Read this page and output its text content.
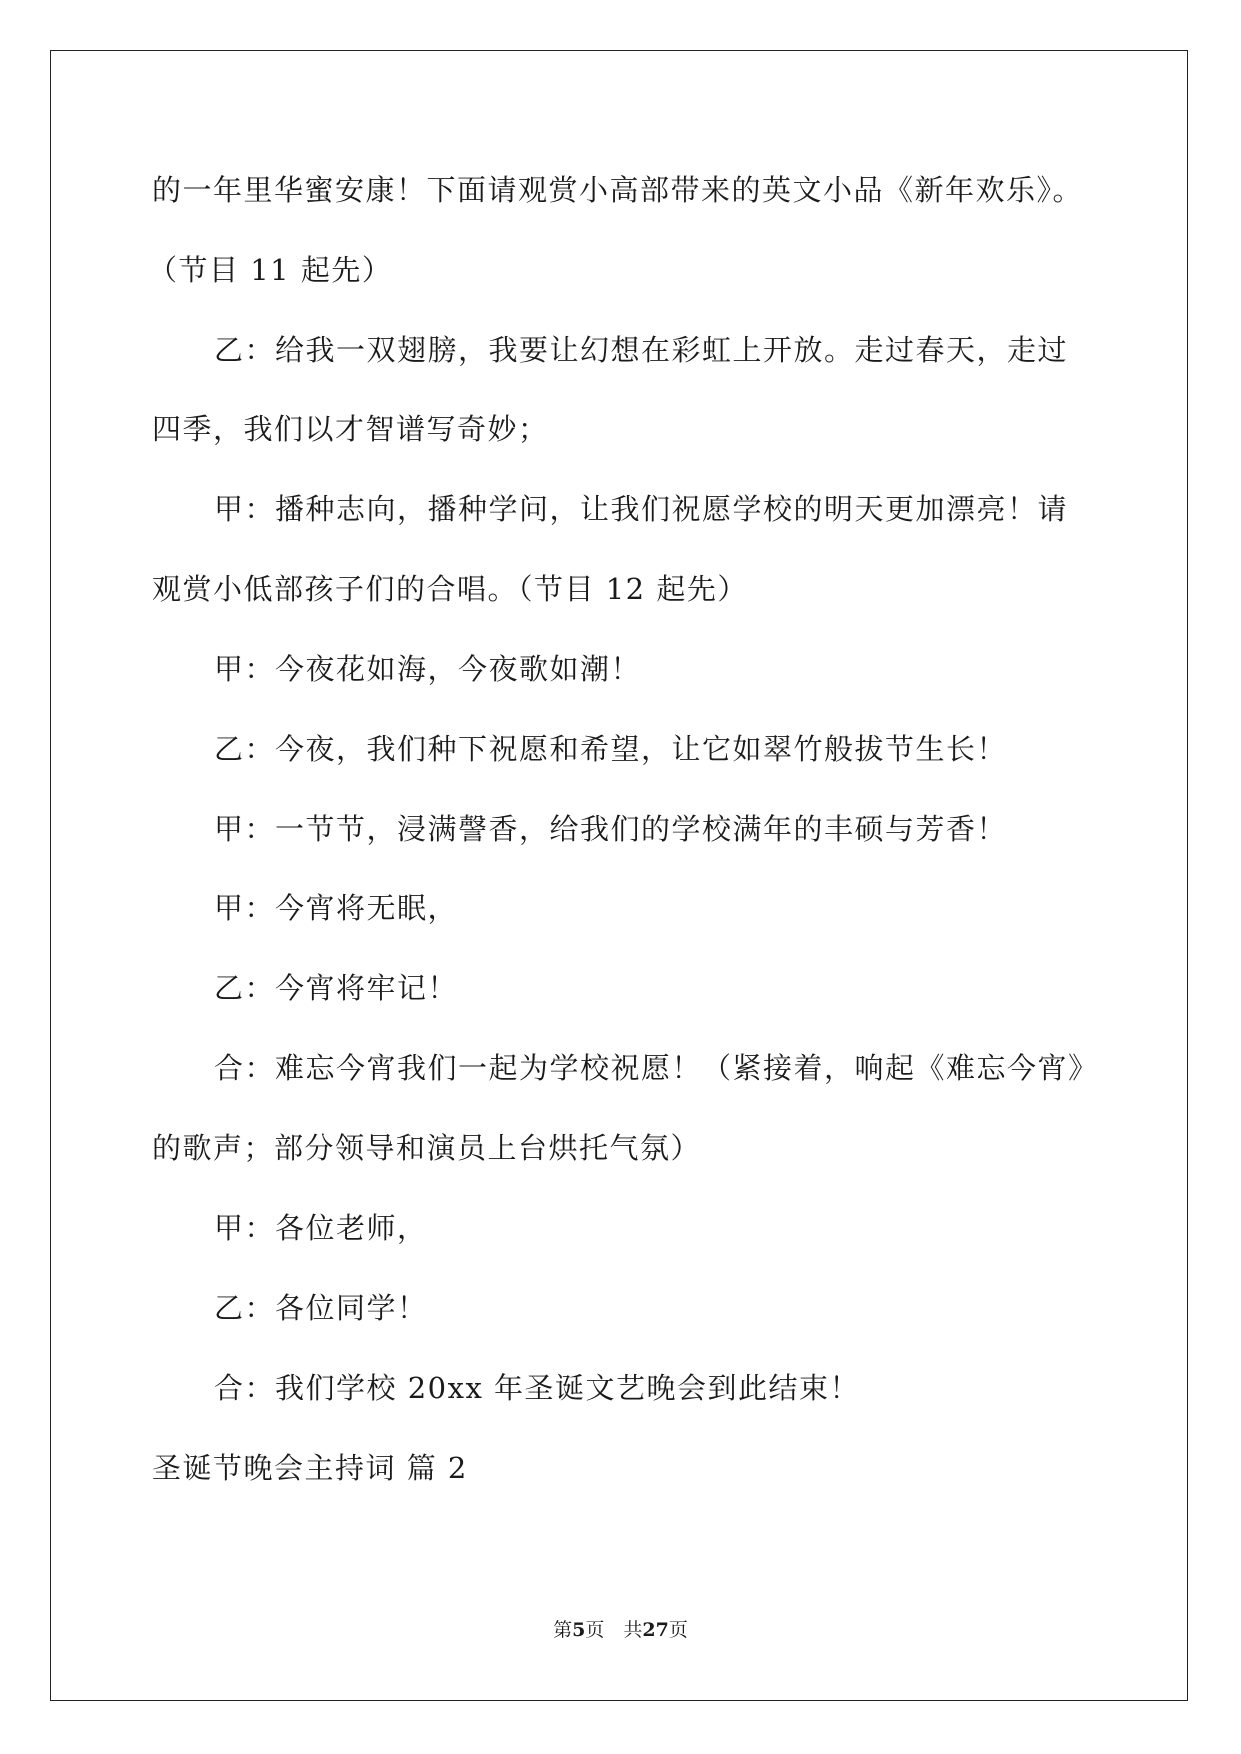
的一年里华蜜安康！下面请观赏小高部带来的英文小品《新年欢乐》。
（节目 11 起先）
乙：给我一双翅膀，我要让幻想在彩虹上开放。走过春天，走过
四季，我们以才智谱写奇妙；
甲：播种志向，播种学问，让我们祝愿学校的明天更加漂亮！请
观赏小低部孩子们的合唱。（节目 12 起先）
甲：今夜花如海，今夜歌如潮！
乙：今夜，我们种下祝愿和希望，让它如翠竹般拔节生长！
甲：一节节，浸满謦香，给我们的学校满年的丰硕与芳香！
甲：今宵将无眠，
乙：今宵将牢记！
合：难忘今宵我们一起为学校祝愿！（紧接着，响起《难忘今宵》
的歌声；部分领导和演员上台烘托气氛）
甲：各位老师，
乙：各位同学！
合：我们学校 20xx 年圣诞文艺晚会到此结束！
圣诞节晚会主持词 篇 2
第5页　共27页
